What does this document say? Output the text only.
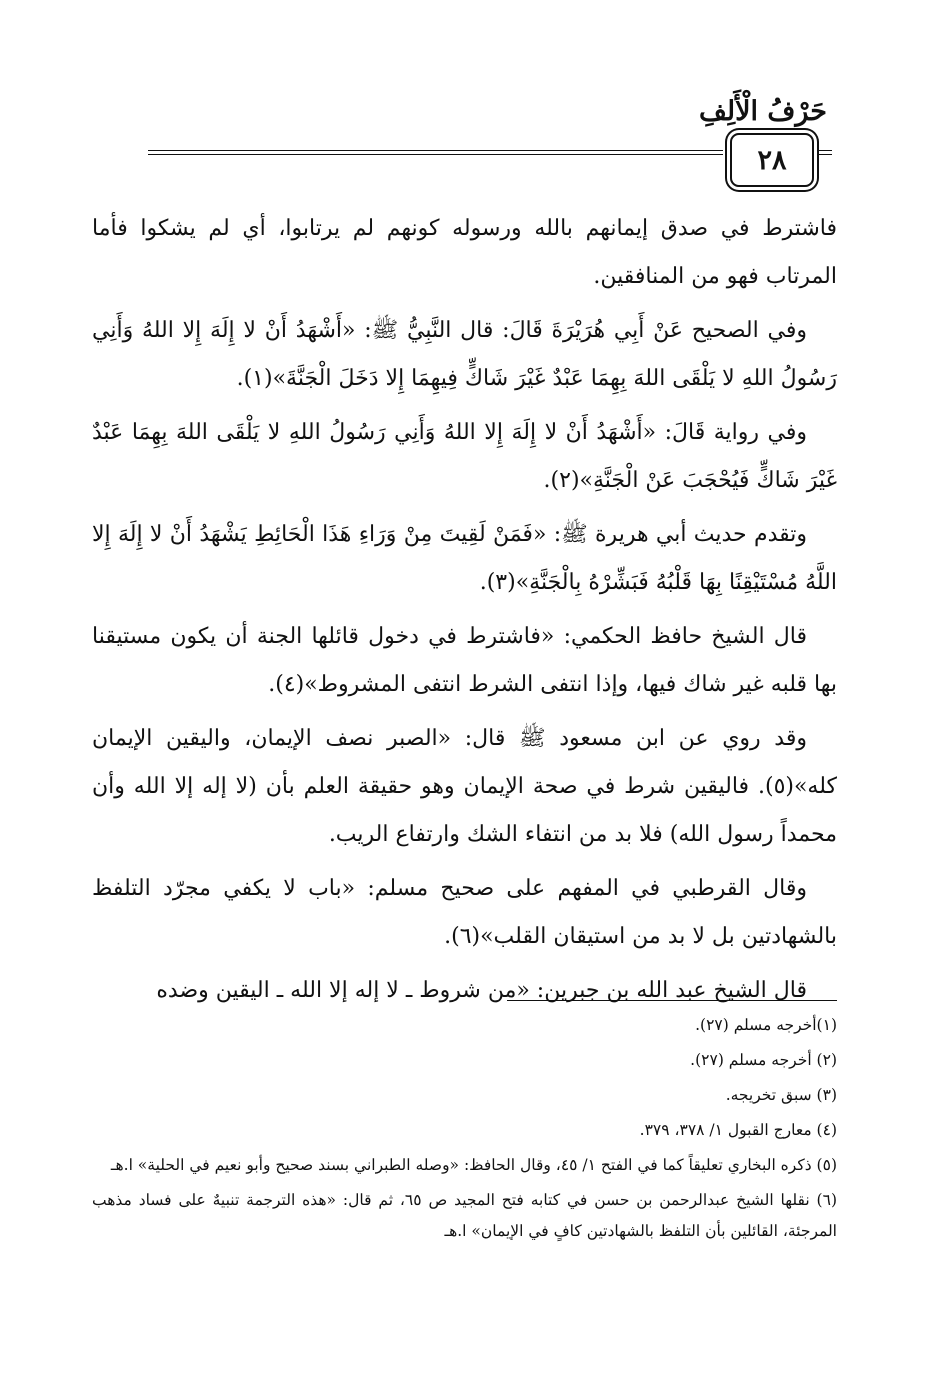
حَرْفُ الْأَلِفِ
٢٨

فاشترط في صدق إيمانهم بالله ورسوله كونهم لم يرتابوا، أي لم يشكوا فأما المرتاب فهو من المنافقين.

وفي الصحيح عَنْ أَبِي هُرَيْرَةَ قَالَ: قال النَّبِيُّ ﷺ: «أَشْهَدُ أَنْ لا إِلَهَ إِلا اللهُ وَأَنِي رَسُولُ اللهِ لا يَلْقَى اللهَ بِهِمَا عَبْدٌ غَيْرَ شَاكٍّ فِيهِمَا إِلا دَخَلَ الْجَنَّةَ»(١).

وفي رواية قَالَ: «أَشْهَدُ أَنْ لا إِلَهَ إِلا اللهُ وَأَنِي رَسُولُ اللهِ لا يَلْقَى اللهَ بِهِمَا عَبْدٌ غَيْرَ شَاكٍّ فَيُحْجَبَ عَنْ الْجَنَّةِ»(٢).

وتقدم حديث أبي هريرة ﷺ: «فَمَنْ لَقِيتَ مِنْ وَرَاءِ هَذَا الْحَائِطِ يَشْهَدُ أَنْ لا إِلَهَ إِلا اللَّهُ مُسْتَيْقِنًا بِهَا قَلْبُهُ فَبَشِّرْهُ بِالْجَنَّةِ»(٣).

قال الشيخ حافظ الحكمي: «فاشترط في دخول قائلها الجنة أن يكون مستيقنا بها قلبه غير شاك فيها، وإذا انتفى الشرط انتفى المشروط»(٤).

وقد روي عن ابن مسعود ﷺ قال: «الصبر نصف الإيمان، واليقين الإيمان كله»(٥). فاليقين شرط في صحة الإيمان وهو حقيقة العلم بأن (لا إله إلا الله وأن محمداً رسول الله) فلا بد من انتفاء الشك وارتفاع الريب.

وقال القرطبي في المفهم على صحيح مسلم: «باب لا يكفي مجرّد التلفظ بالشهادتين بل لا بد من استيقان القلب»(٦).

قال الشيخ عبد الله بن جبرين: «من شروط ـ لا إله إلا الله ـ اليقين وضده

(١)أخرجه مسلم (٢٧).

(٢) أخرجه مسلم (٢٧).

(٣) سبق تخريجه.

(٤) معارج القبول ١/ ٣٧٨، ٣٧٩.

(٥) ذكره البخاري تعليقاً كما في الفتح ١/ ٤٥، وقال الحافظ: «وصله الطبراني بسند صحيح وأبو نعيم في الحلية» ا.هـ

(٦) نقلها الشيخ عبدالرحمن بن حسن في كتابه فتح المجيد ص ٦٥، ثم قال: «هذه الترجمة تنبيهٌ على فساد مذهب المرجئة، القائلين بأن التلفظ بالشهادتين كافٍ في الإيمان» ا.هـ
